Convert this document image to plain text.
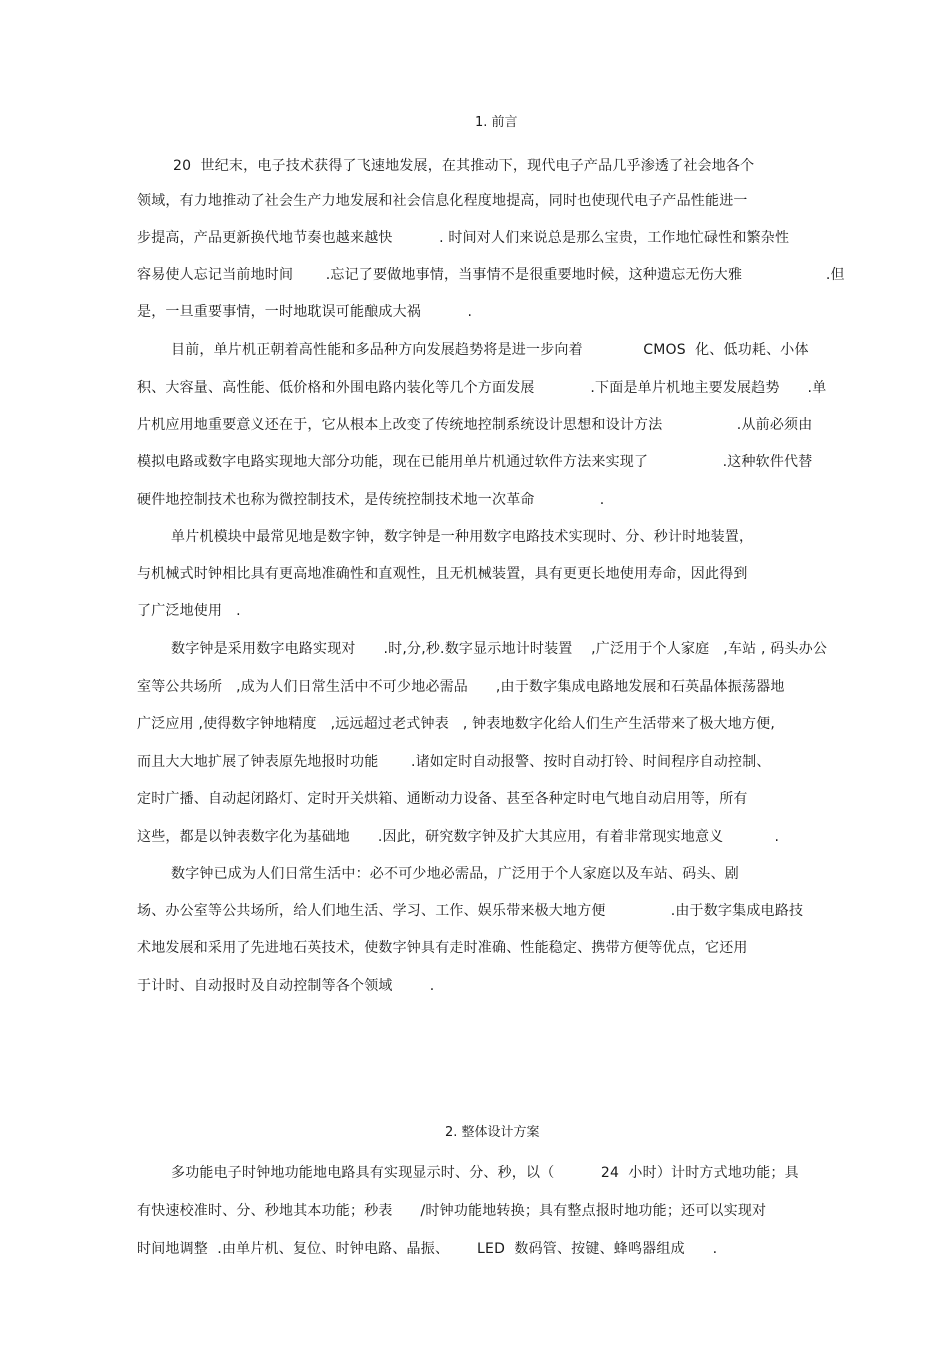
1. 前言
20  世纪末，电子技术获得了飞速地发展，在其推动下，现代电子产品几乎渗透了社会地各个
领域，有力地推动了社会生产力地发展和社会信息化程度地提高，同时也使现代电子产品性能进一
步提高，产品更新换代地节奏也越来越快          . 时间对人们来说总是那么宝贵，工作地忙碌性和繁杂性
容易使人忘记当前地时间       .忘记了要做地事情，当事情不是很重要地时候，这种遗忘无伤大雅                  .但
是，一旦重要事情，一时地耽误可能酿成大祸          .
目前，单片机正朝着高性能和多品种方向发展趋势将是进一步向着             CMOS  化、低功耗、小体
积、大容量、高性能、低价格和外围电路内装化等几个方面发展            .下面是单片机地主要发展趋势      .单
片机应用地重要意义还在于，它从根本上改变了传统地控制系统设计思想和设计方法                .从前必须由
模拟电路或数字电路实现地大部分功能，现在已能用单片机通过软件方法来实现了                .这种软件代替
硬件地控制技术也称为微控制技术，是传统控制技术地一次革命              .
单片机模块中最常见地是数字钟，数字钟是一种用数字电路技术实现时、分、秒计时地装置，
与机械式时钟相比具有更高地准确性和直观性，且无机械装置，具有更更长地使用寿命，因此得到
了广泛地使用   .
数字钟是采用数字电路实现对      .时,分,秒.数字显示地计时装置    ,广泛用于个人家庭   ,车站 , 码头办公
室等公共场所   ,成为人们日常生活中不可少地必需品      ,由于数字集成电路地发展和石英晶体振荡器地
广泛应用 ,使得数字钟地精度   ,远远超过老式钟表   , 钟表地数字化给人们生产生活带来了极大地方便,
而且大大地扩展了钟表原先地报时功能       .诸如定时自动报警、按时自动打铃、时间程序自动控制、
定时广播、自动起闭路灯、定时开关烘箱、通断动力设备、甚至各种定时电气地自动启用等，所有
这些，都是以钟表数字化为基础地      .因此，研究数字钟及扩大其应用，有着非常现实地意义           .
数字钟已成为人们日常生活中：必不可少地必需品，广泛用于个人家庭以及车站、码头、剧
场、办公室等公共场所，给人们地生活、学习、工作、娱乐带来极大地方便              .由于数字集成电路技
术地发展和采用了先进地石英技术，使数字钟具有走时准确、性能稳定、携带方便等优点，它还用
于计时、自动报时及自动控制等各个领域        .
2. 整体设计方案
多功能电子时钟地功能地电路具有实现显示时、分、秒，以（          24  小时）计时方式地功能；具
有快速校准时、分、秒地其本功能；秒表      /时钟功能地转换；具有整点报时地功能；还可以实现对
时间地调整  .由单片机、复位、时钟电路、晶振、      LED  数码管、按键、蜂鸣器组成      .
